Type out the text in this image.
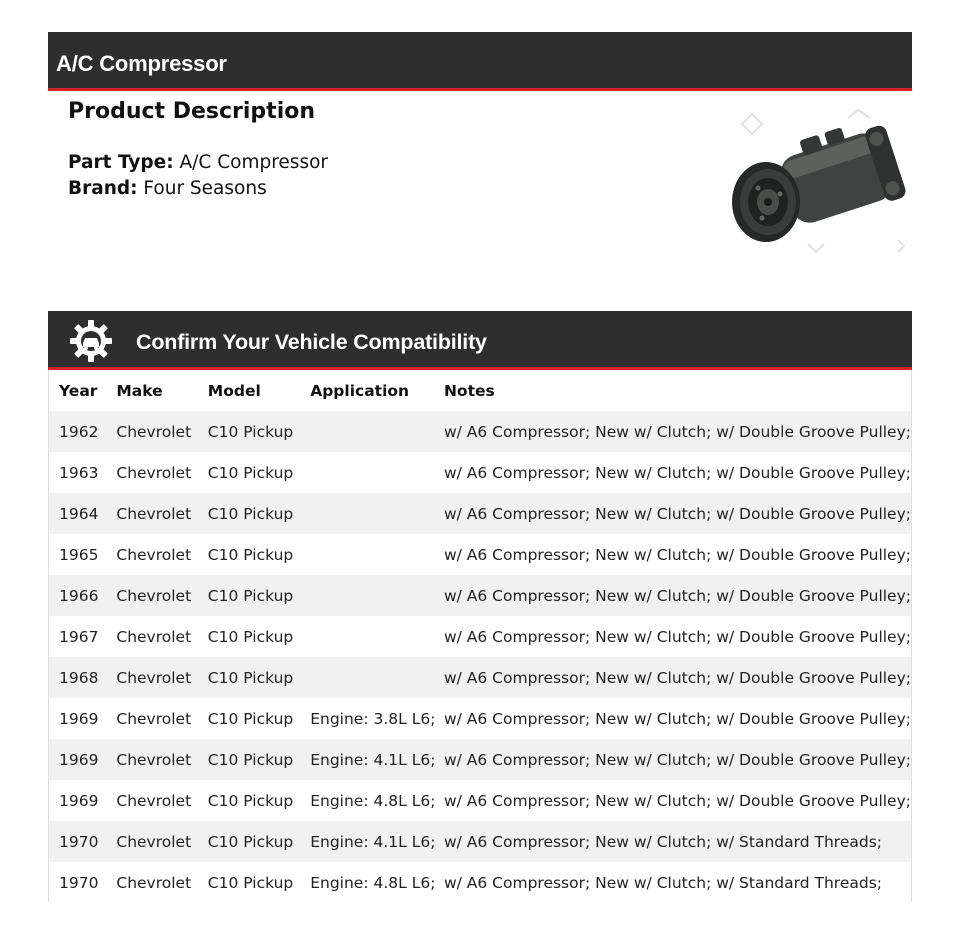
A/C Compressor
Product Description
Part Type: A/C Compressor
Brand: Four Seasons
Confirm Your Vehicle Compatibility
Year	Make	Model	Application	Notes
1962	Chevrolet	C10 Pickup		w/ A6 Compressor; New w/ Clutch; w/ Double Groove Pulley;
1963	Chevrolet	C10 Pickup		w/ A6 Compressor; New w/ Clutch; w/ Double Groove Pulley;
1964	Chevrolet	C10 Pickup		w/ A6 Compressor; New w/ Clutch; w/ Double Groove Pulley;
1965	Chevrolet	C10 Pickup		w/ A6 Compressor; New w/ Clutch; w/ Double Groove Pulley;
1966	Chevrolet	C10 Pickup		w/ A6 Compressor; New w/ Clutch; w/ Double Groove Pulley;
1967	Chevrolet	C10 Pickup		w/ A6 Compressor; New w/ Clutch; w/ Double Groove Pulley;
1968	Chevrolet	C10 Pickup		w/ A6 Compressor; New w/ Clutch; w/ Double Groove Pulley;
1969	Chevrolet	C10 Pickup	Engine: 3.8L L6;	w/ A6 Compressor; New w/ Clutch; w/ Double Groove Pulley;
1969	Chevrolet	C10 Pickup	Engine: 4.1L L6;	w/ A6 Compressor; New w/ Clutch; w/ Double Groove Pulley;
1969	Chevrolet	C10 Pickup	Engine: 4.8L L6;	w/ A6 Compressor; New w/ Clutch; w/ Double Groove Pulley;
1970	Chevrolet	C10 Pickup	Engine: 4.1L L6;	w/ A6 Compressor; New w/ Clutch; w/ Standard Threads;
1970	Chevrolet	C10 Pickup	Engine: 4.8L L6;	w/ A6 Compressor; New w/ Clutch; w/ Standard Threads;
